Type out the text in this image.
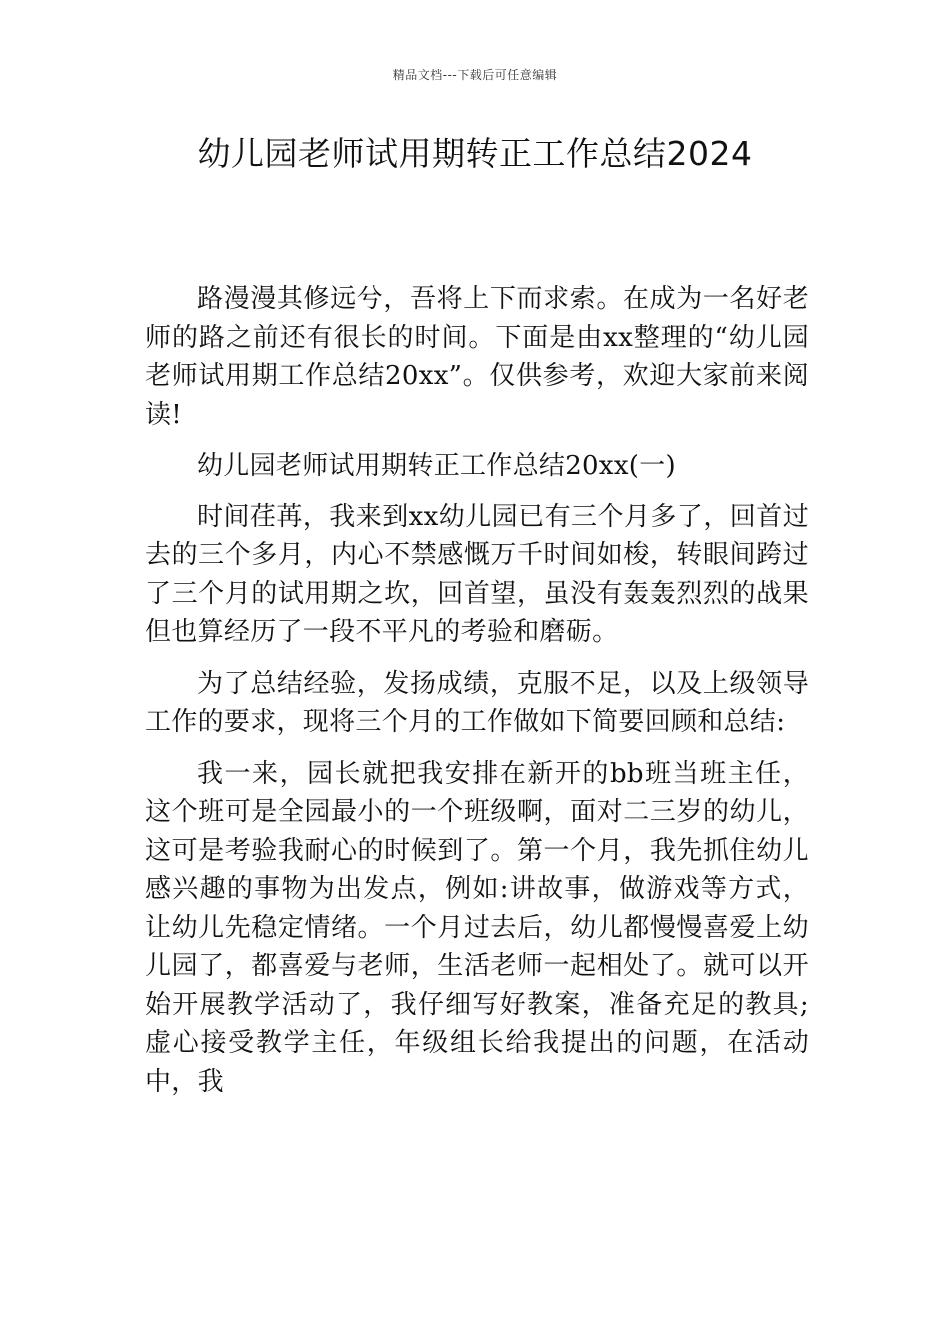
精品文档---下载后可任意编辑
幼儿园老师试用期转正工作总结2024

路漫漫其修远兮，吾将上下而求索。在成为一名好老师的路之前还有很长的时间。下面是由xx整理的“幼儿园老师试用期工作总结20xx”。仅供参考，欢迎大家前来阅读!

幼儿园老师试用期转正工作总结20xx(一)

时间荏苒，我来到xx幼儿园已有三个月多了，回首过去的三个多月，内心不禁感慨万千时间如梭，转眼间跨过了三个月的试用期之坎，回首望，虽没有轰轰烈烈的战果但也算经历了一段不平凡的考验和磨砺。

为了总结经验，发扬成绩，克服不足，以及上级领导工作的要求，现将三个月的工作做如下简要回顾和总结:

我一来，园长就把我安排在新开的bb班当班主任，这个班可是全园最小的一个班级啊，面对二三岁的幼儿，这可是考验我耐心的时候到了。第一个月，我先抓住幼儿感兴趣的事物为出发点，例如:讲故事，做游戏等方式，让幼儿先稳定情绪。一个月过去后，幼儿都慢慢喜爱上幼儿园了，都喜爱与老师，生活老师一起相处了。就可以开始开展教学活动了，我仔细写好教案，准备充足的教具;虚心接受教学主任，年级组长给我提出的问题，在活动中，我
